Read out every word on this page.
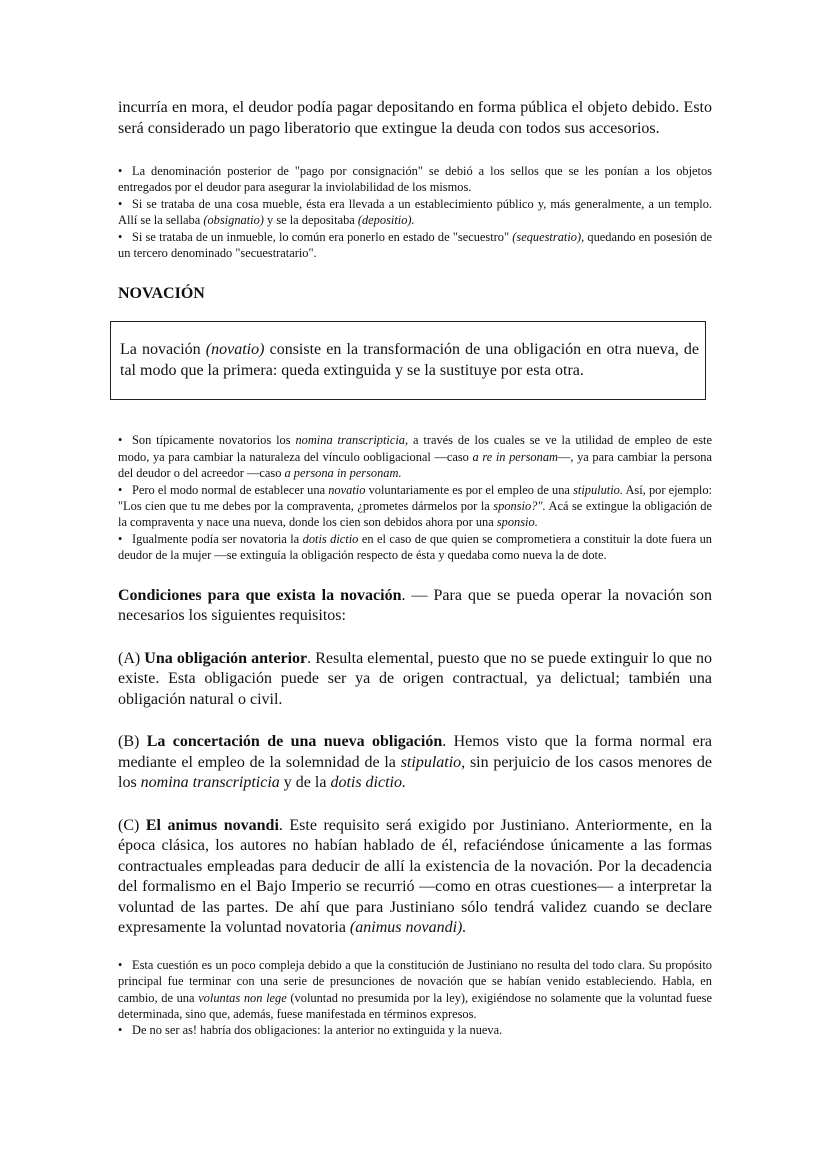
incurría en mora, el deudor podía pagar depositando en forma pública el objeto debido. Esto será considerado un pago liberatorio que extingue la deuda con todos sus accesorios.

• La denominación posterior de "pago por consignación" se debió a los sellos que se les ponían a los objetos entregados por el deudor para asegurar la inviolabilidad de los mismos.

• Si se trataba de una cosa mueble, ésta era llevada a un establecimiento público y, más generalmente, a un templo. Allí se la sellaba (obsignatio) y se la depositaba (depositio).

• Si se trataba de un inmueble, lo común era ponerlo en estado de "secuestro" (sequestratio), quedando en posesión de un tercero denominado "secuestratario".

NOVACIÓN

La novación (novatio) consiste en la transformación de una obligación en otra nueva, de tal modo que la primera: queda extinguida y se la sustituye por esta otra.

• Son típicamente novatorios los nomina transcripticia, a través de los cuales se ve la utilidad de empleo de este modo, ya para cambiar la naturaleza del vínculo oobligacional —caso a re in personam—, ya para cambiar la persona del deudor o del acreedor —caso a persona in personam.

• Pero el modo normal de establecer una novatio voluntariamente es por el empleo de una stipulutio. Así, por ejemplo: "Los cien que tu me debes por la compraventa, ¿prometes dármelos por la sponsio?". Acá se extingue la obligación de la compraventa y nace una nueva, donde los cien son debidos ahora por una sponsio.

• Igualmente podía ser novatoria la dotis dictio en el caso de que quien se comprometiera a constituir la dote fuera un deudor de la mujer —se extinguía la obligación respecto de ésta y quedaba como nueva la de dote.

Condiciones para que exista la novación. — Para que se pueda operar la novación son necesarios los siguientes requisitos:

(A) Una obligación anterior. Resulta elemental, puesto que no se puede extinguir lo que no existe. Esta obligación puede ser ya de origen contractual, ya delictual; también una obligación natural o civil.

(B) La concertación de una nueva obligación. Hemos visto que la forma normal era mediante el empleo de la solemnidad de la stipulatio, sin perjuicio de los casos menores de los nomina transcripticia y de la dotis dictio.

(C) El animus novandi. Este requisito será exigido por Justiniano. Anteriormente, en la época clásica, los autores no habían hablado de él, refaciéndose únicamente a las formas contractuales empleadas para deducir de allí la existencia de la novación. Por la decadencia del formalismo en el Bajo Imperio se recurrió —como en otras cuestiones— a interpretar la voluntad de las partes. De ahí que para Justiniano sólo tendrá validez cuando se declare expresamente la voluntad novatoria (animus novandi).

• Esta cuestión es un poco compleja debido a que la constitución de Justiniano no resulta del todo clara. Su propósito principal fue terminar con una serie de presunciones de novación que se habían venido estableciendo. Habla, en cambio, de una voluntas non lege (voluntad no presumida por la ley), exigiéndose no solamente que la voluntad fuese determinada, sino que, además, fuese manifestada en términos expresos.

• De no ser as! habría dos obligaciones: la anterior no extinguida y la nueva.
